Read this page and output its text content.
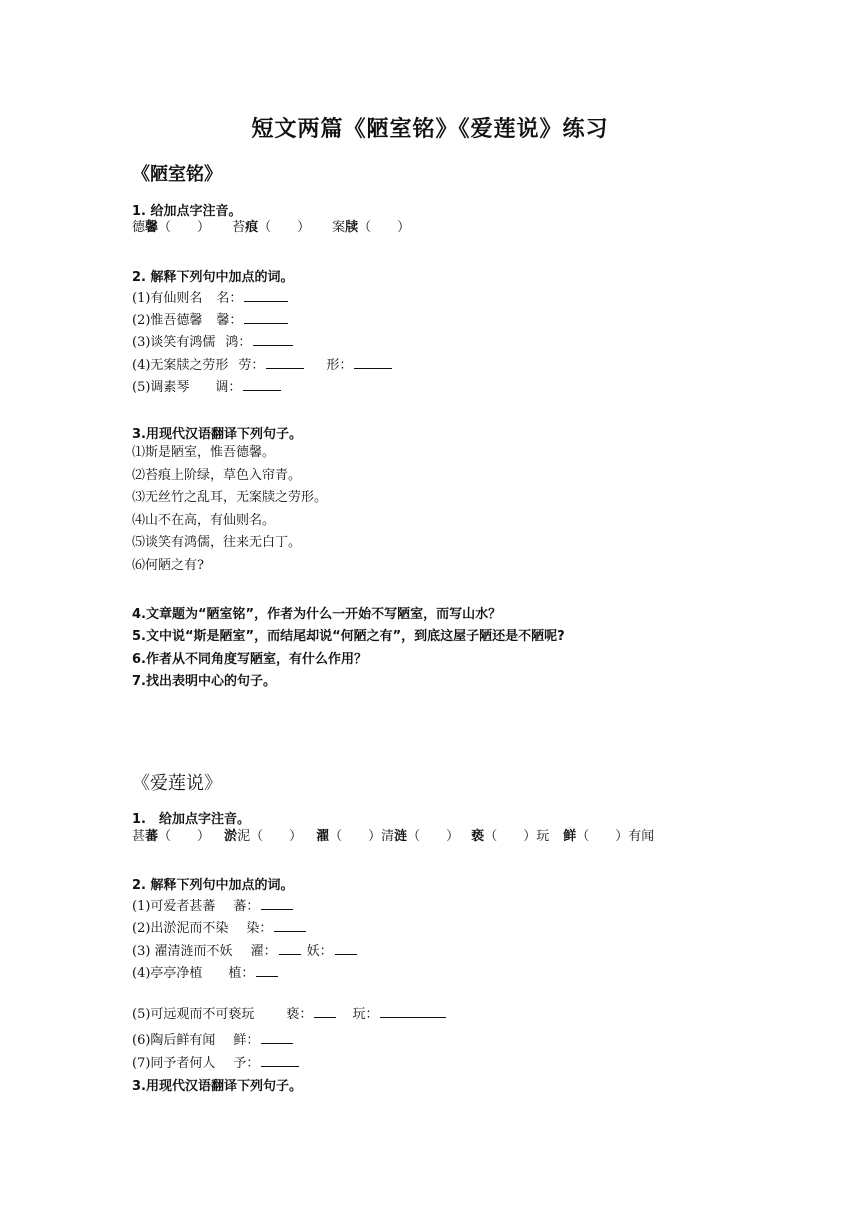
短文两篇《陋室铭》《爱莲说》练习
《陋室铭》
1. 给加点字注音。
德馨（　　） 苔痕（　　） 案牍（　　）
2. 解释下列句中加点的词。
(1)有仙则名 名：
(2)惟吾德馨 馨：
(3)谈笑有鸿儒 鸿：
(4)无案牍之劳形 劳：	形：
(5)调素琴 调：
3.用现代汉语翻译下列句子。
⑴斯是陋室，惟吾德馨。
⑵苔痕上阶绿，草色入帘青。
⑶无丝竹之乱耳，无案牍之劳形。
⑷山不在高，有仙则名。
⑸谈笑有鸿儒，往来无白丁。
⑹何陋之有?
4.文章题为“陋室铭”，作者为什么一开始不写陋室，而写山水？
5.文中说“斯是陋室”，而结尾却说“何陋之有”，到底这屋子陋还是不陋呢?
6.作者从不同角度写陋室，有什么作用？
7.找出表明中心的句子。
《爱莲说》
1.　给加点字注音。
甚蕃（　　） 淤泥（　　） 濯（　　）清涟（　　） 亵（　　）玩 鲜（　　）有闻
2. 解释下列句中加点的词。
(1)可爱者甚蕃 蕃：
(2)出淤泥而不染 染：
(3) 濯清涟而不妖 濯： 妖：
(4)亭亭净植 植：
(5)可远观而不可亵玩 亵：	玩：
(6)陶后鲜有闻 鲜：
(7)同予者何人 予：
3.用现代汉语翻译下列句子。
